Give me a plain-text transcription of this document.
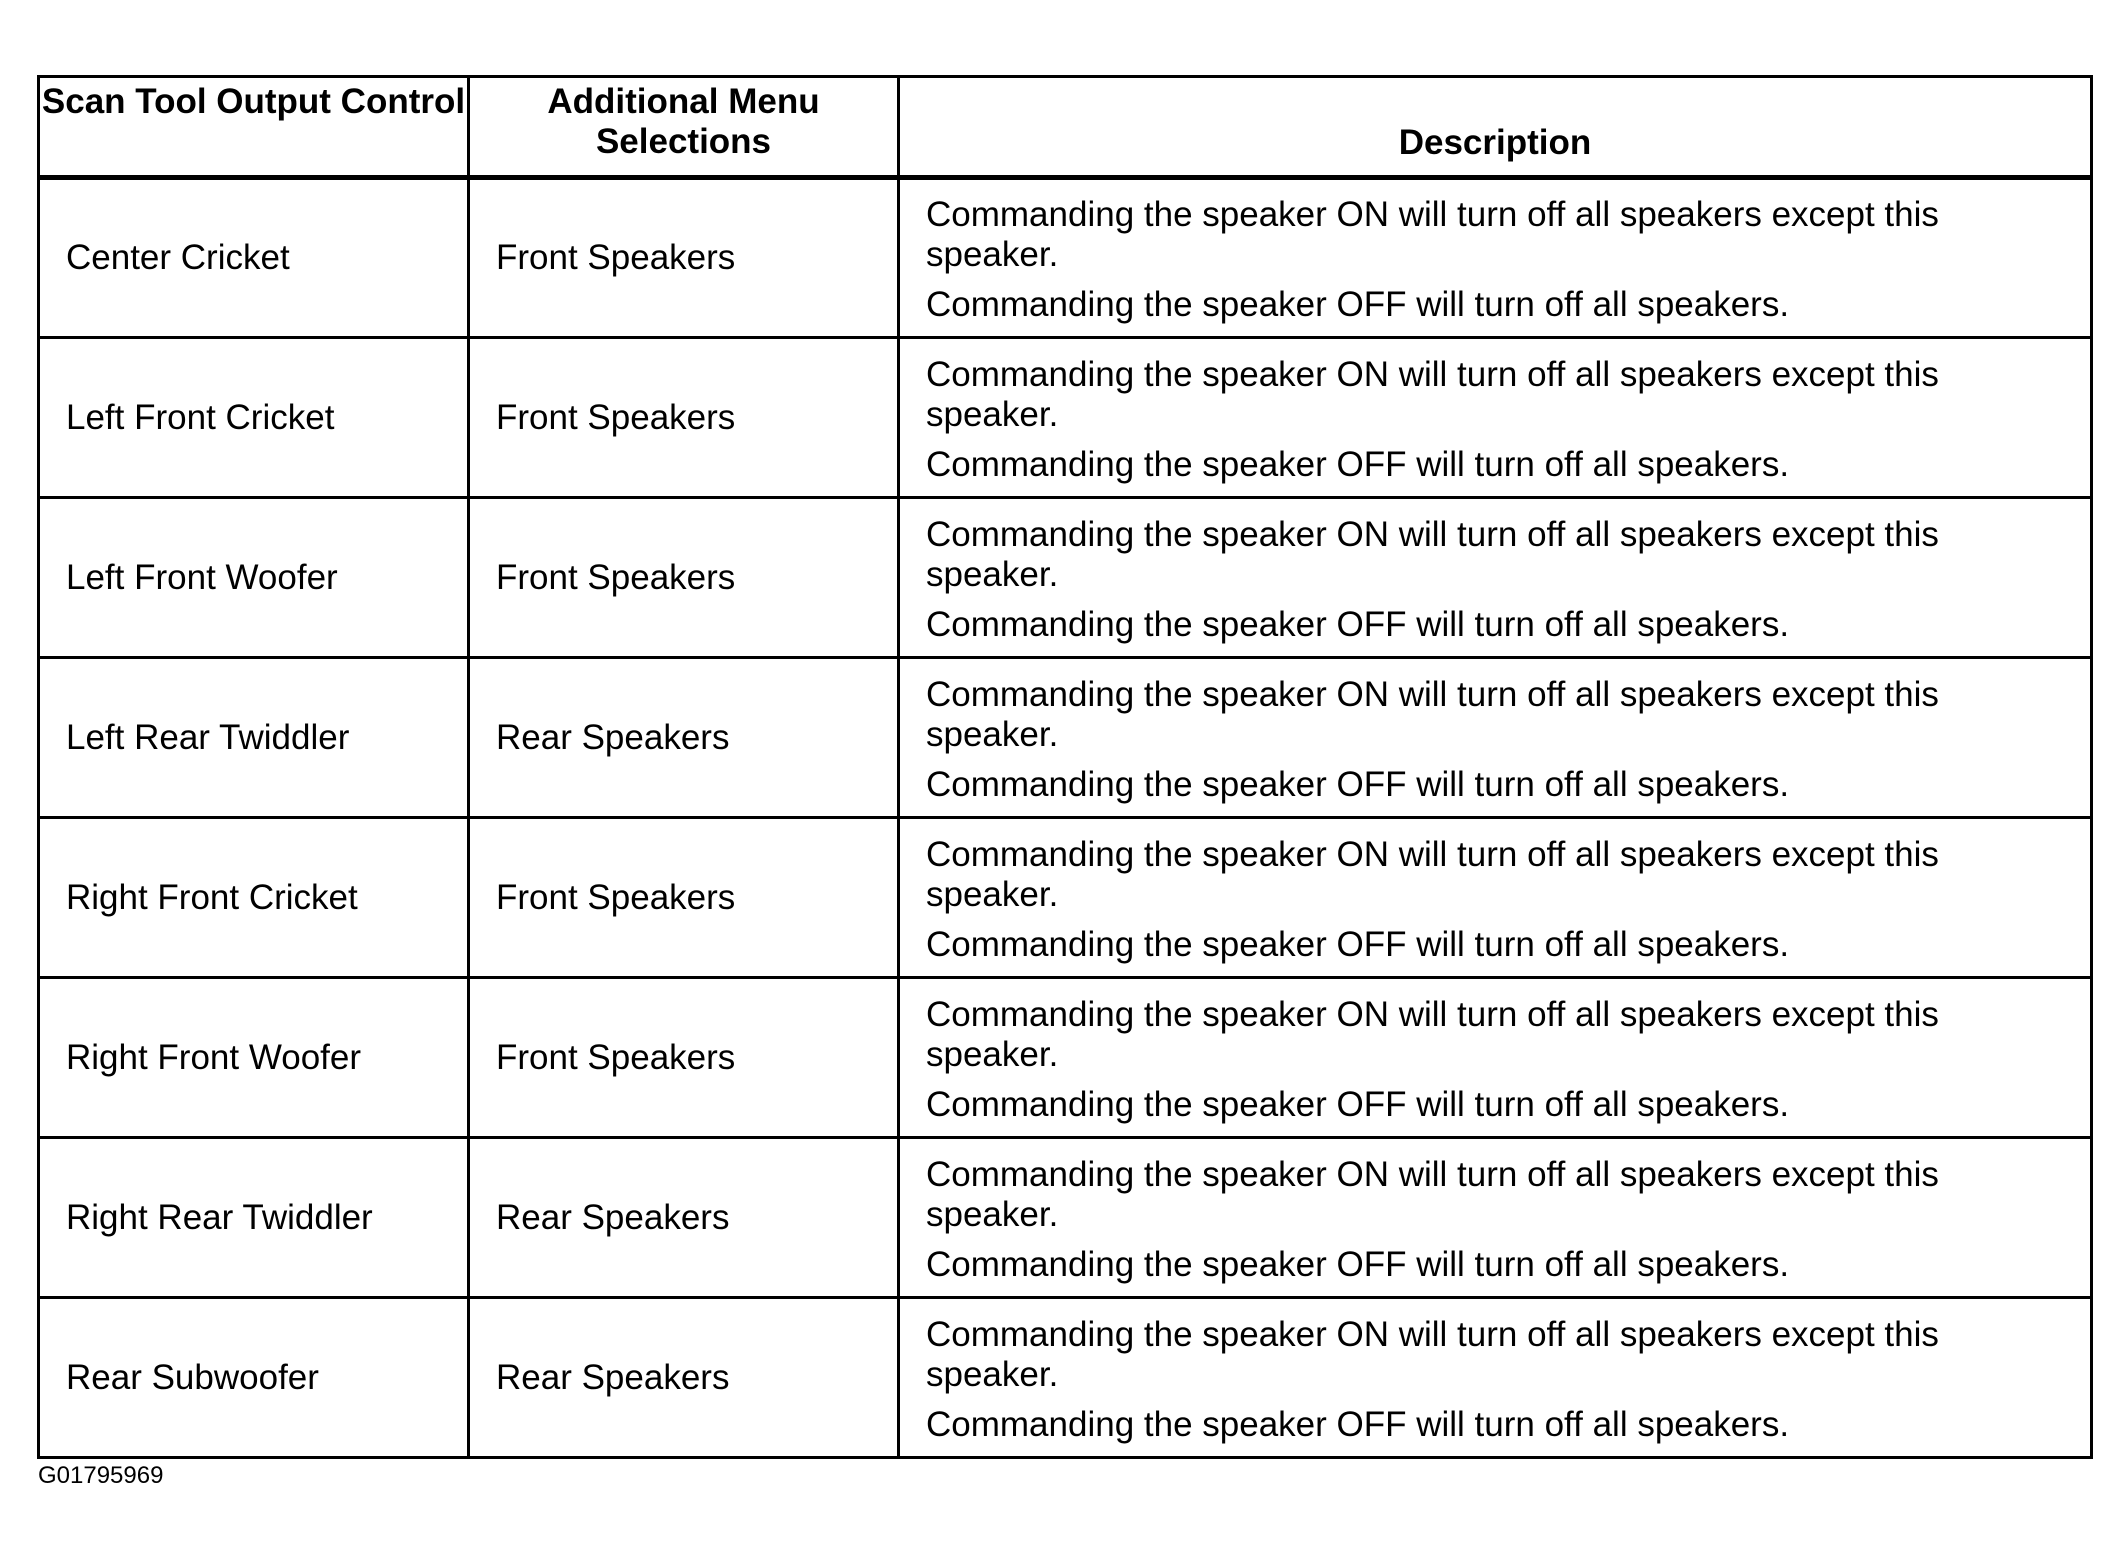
Scan Tool Output Control	Additional Menu Selections	Description
Center Cricket	Front Speakers	Commanding the speaker ON will turn off all speakers except this speaker.
Commanding the speaker OFF will turn off all speakers.

Left Front Cricket	Front Speakers	Commanding the speaker ON will turn off all speakers except this speaker.
Commanding the speaker OFF will turn off all speakers.

Left Front Woofer	Front Speakers	Commanding the speaker ON will turn off all speakers except this speaker.
Commanding the speaker OFF will turn off all speakers.

Left Rear Twiddler	Rear Speakers	Commanding the speaker ON will turn off all speakers except this speaker.
Commanding the speaker OFF will turn off all speakers.

Right Front Cricket	Front Speakers	Commanding the speaker ON will turn off all speakers except this speaker.
Commanding the speaker OFF will turn off all speakers.

Right Front Woofer	Front Speakers	Commanding the speaker ON will turn off all speakers except this speaker.
Commanding the speaker OFF will turn off all speakers.

Right Rear Twiddler	Rear Speakers	Commanding the speaker ON will turn off all speakers except this speaker.
Commanding the speaker OFF will turn off all speakers.

Rear Subwoofer	Rear Speakers	Commanding the speaker ON will turn off all speakers except this speaker.
Commanding the speaker OFF will turn off all speakers.
G01795969
